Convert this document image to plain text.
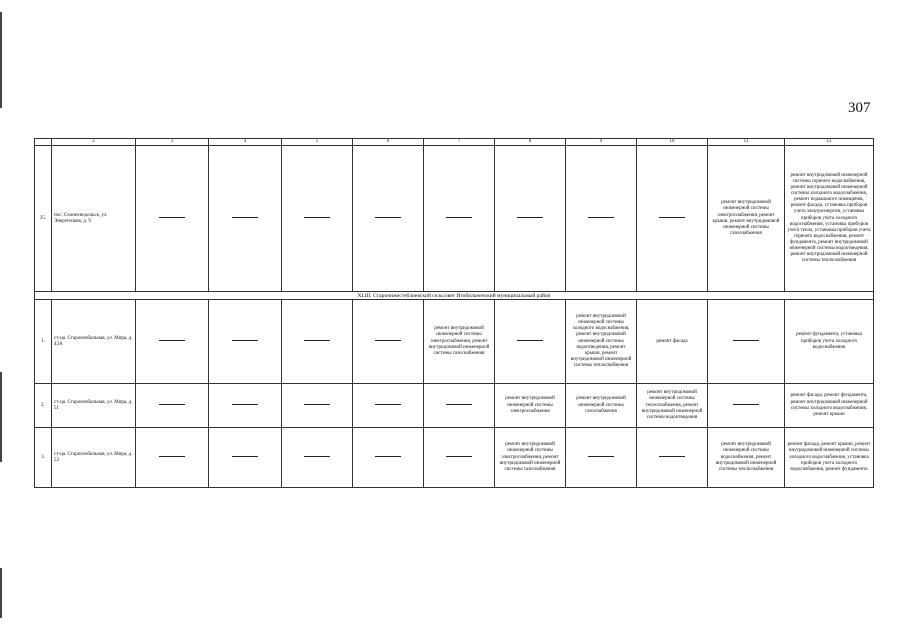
307
	2	3	4	5	6	7	8	9	10	11	12
35.	пос. Солнечнодольск, ул. Энергетиков, д. 9									ремонт внутридомовой инженерной системы электроснабжения, ремонт крыши, ремонт внутридомовой инженерной системы газоснабжения	ремонт внутридомовой инженерной системы горячего водоснабжения, ремонт внутридомовой инженерной системы холодного водоснабжения, ремонт подвального помещения, ремонт фасада, установка приборов учета электроэнергии, установка приборов учета холодного водоснабжения, установка приборов учета тепла, установка приборов учета горячего водоснабжения, ремонт фундамента, ремонт внутридомовой инженерной системы водоотведения, ремонт внутридомовой инженерной системы теплоснабжения
XLIII. Старонижестеблиевский сельсовет Изобильненский муниципальный район											
1.	ст-ца. Староизобильная, ул. Мира, д. 43А					ремонт внутридомовой инженерной системы электроснабжения, ремонт внутридомовой инженерной системы газоснабжения		ремонт внутридомовой инженерной системы холодного водоснабжения, ремонт внутридомовой инженерной системы водоотведения, ремонт крыши, ремонт внутридомовой инженерной системы теплоснабжения	ремонт фасада		ремонт фундамента, установка приборов учета холодного водоснабжения
2.	ст-ца. Староизобильная, ул. Мира, д. 51						ремонт внутридомовой инженерной системы электроснабжения	ремонт внутридомовой инженерной системы газоснабжения	ремонт внутридомовой инженерной системы теплоснабжения, ремонт внутридомовой инженерной системы водоотведения		ремонт фасада, ремонт фундамента, ремонт внутридомовой инженерной системы холодного водоснабжения, ремонт крыши
3.	ст-ца. Староизобильная, ул. Мира, д. 53						ремонт внутридомовой инженерной системы электроснабжения, ремонт внутридомовой инженерной системы газоснабжения			ремонт внутридомовой инженерной системы водоснабжения, ремонт внутридомовой инженерной системы теплоснабжения	ремонт фасада, ремонт крыши, ремонт внутридомовой инженерной системы холодного водоснабжения, установка приборов учета холодного водоснабжения, ремонт фундамента
